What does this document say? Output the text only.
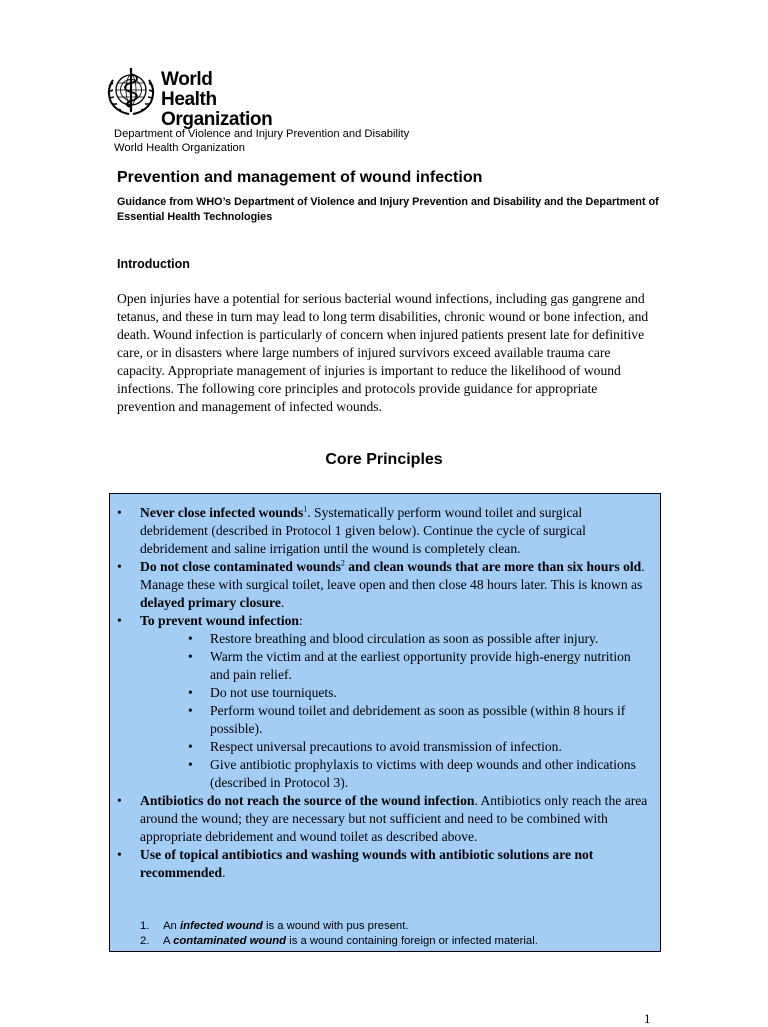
World Health
Organization
Department of Violence and Injury Prevention and Disability
World Health Organization
Prevention and management of wound infection

Guidance from WHO’s Department of Violence and Injury Prevention and Disability and the Department of Essential Health Technologies

Introduction

Open injuries have a potential for serious bacterial wound infections, including gas gangrene and tetanus, and these in turn may lead to long term disabilities, chronic wound or bone infection, and death. Wound infection is particularly of concern when injured patients present late for definitive care, or in disasters where large numbers of injured survivors exceed available trauma care capacity. Appropriate management of injuries is important to reduce the likelihood of wound infections. The following core principles and protocols provide guidance for appropriate prevention and management of infected wounds.

Core Principles
• Never close infected wounds$^1$. Systematically perform wound toilet and surgical debridement (described in Protocol 1 given below). Continue the cycle of surgical debridement and saline irrigation until the wound is completely clean.
• Do not close contaminated wounds$^2$ and clean wounds that are more than six hours old. Manage these with surgical toilet, leave open and then close 48 hours later. This is known as delayed primary closure.
• To prevent wound infection:
• Restore breathing and blood circulation as soon as possible after injury.
• Warm the victim and at the earliest opportunity provide high-energy nutrition and pain relief.
• Do not use tourniquets.
• Perform wound toilet and debridement as soon as possible (within 8 hours if possible).
• Respect universal precautions to avoid transmission of infection.
• Give antibiotic prophylaxis to victims with deep wounds and other indications (described in Protocol 3).
• Antibiotics do not reach the source of the wound infection. Antibiotics only reach the area around the wound; they are necessary but not sufficient and need to be combined with appropriate debridement and wound toilet as described above.
• Use of topical antibiotics and washing wounds with antibiotic solutions are not recommended.
1. An infected wound is a wound with pus present.
2. A contaminated wound is a wound containing foreign or infected material.
1
